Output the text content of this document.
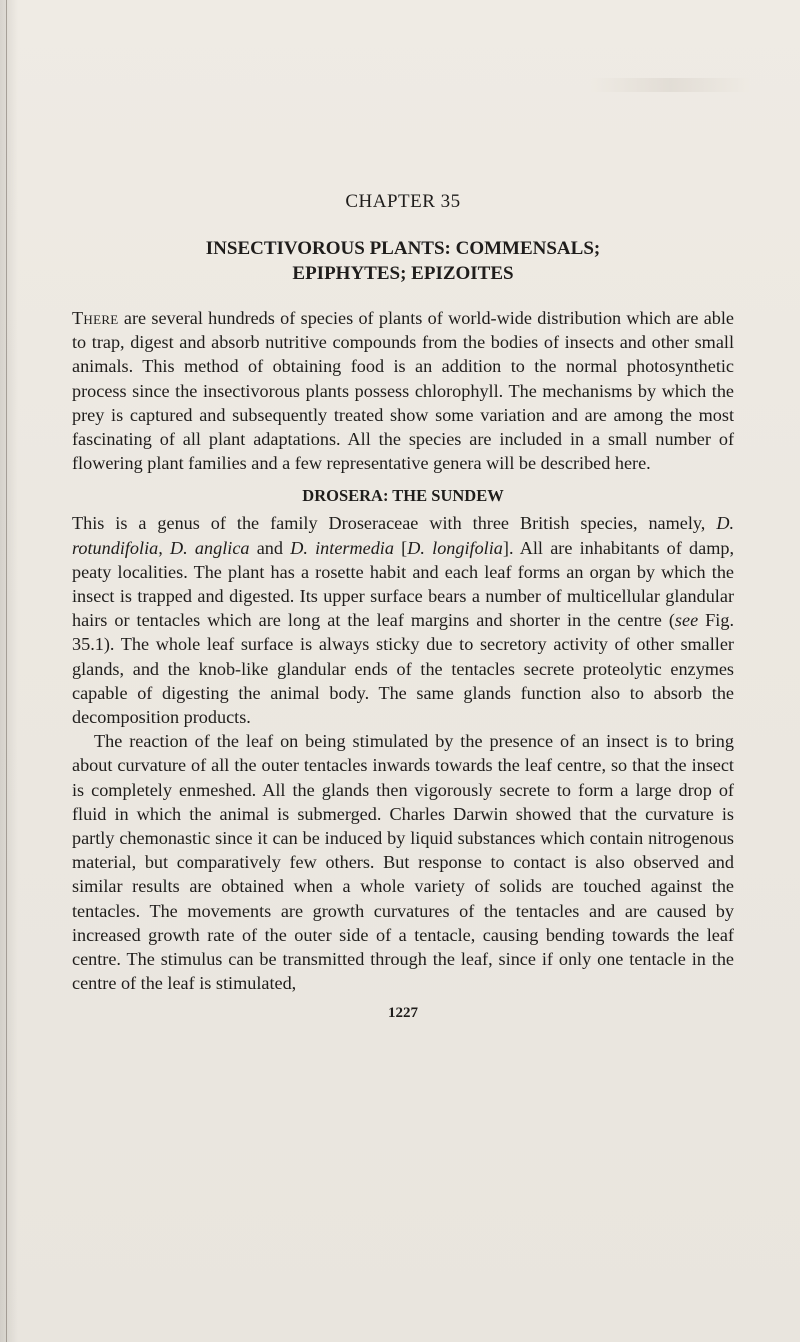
CHAPTER 35
INSECTIVOROUS PLANTS: COMMENSALS;
EPIPHYTES; EPIZOITES

There are several hundreds of species of plants of world-wide distribution which are able to trap, digest and absorb nutritive compounds from the bodies of insects and other small animals. This method of obtaining food is an addition to the normal photosynthetic process since the insectivorous plants possess chlorophyll. The mechanisms by which the prey is captured and subsequently treated show some variation and are among the most fascinating of all plant adaptations. All the species are included in a small number of flowering plant families and a few representative genera will be described here.

DROSERA: THE SUNDEW

This is a genus of the family Droseraceae with three British species, namely, D. rotundifolia, D. anglica and D. intermedia [D. longifolia]. All are inhabitants of damp, peaty localities. The plant has a rosette habit and each leaf forms an organ by which the insect is trapped and digested. Its upper surface bears a number of multicellular glandular hairs or tentacles which are long at the leaf margins and shorter in the centre (see Fig. 35.1). The whole leaf surface is always sticky due to secretory activity of other smaller glands, and the knob-like glandular ends of the tentacles secrete proteolytic enzymes capable of digesting the animal body. The same glands function also to absorb the decomposition products.

The reaction of the leaf on being stimulated by the presence of an insect is to bring about curvature of all the outer tentacles inwards towards the leaf centre, so that the insect is completely enmeshed. All the glands then vigorously secrete to form a large drop of fluid in which the animal is submerged. Charles Darwin showed that the curvature is partly chemonastic since it can be induced by liquid substances which contain nitrogenous material, but comparatively few others. But response to contact is also observed and similar results are obtained when a whole variety of solids are touched against the tentacles. The movements are growth curvatures of the tentacles and are caused by increased growth rate of the outer side of a tentacle, causing bending towards the leaf centre. The stimulus can be transmitted through the leaf, since if only one tentacle in the centre of the leaf is stimulated,

1227
